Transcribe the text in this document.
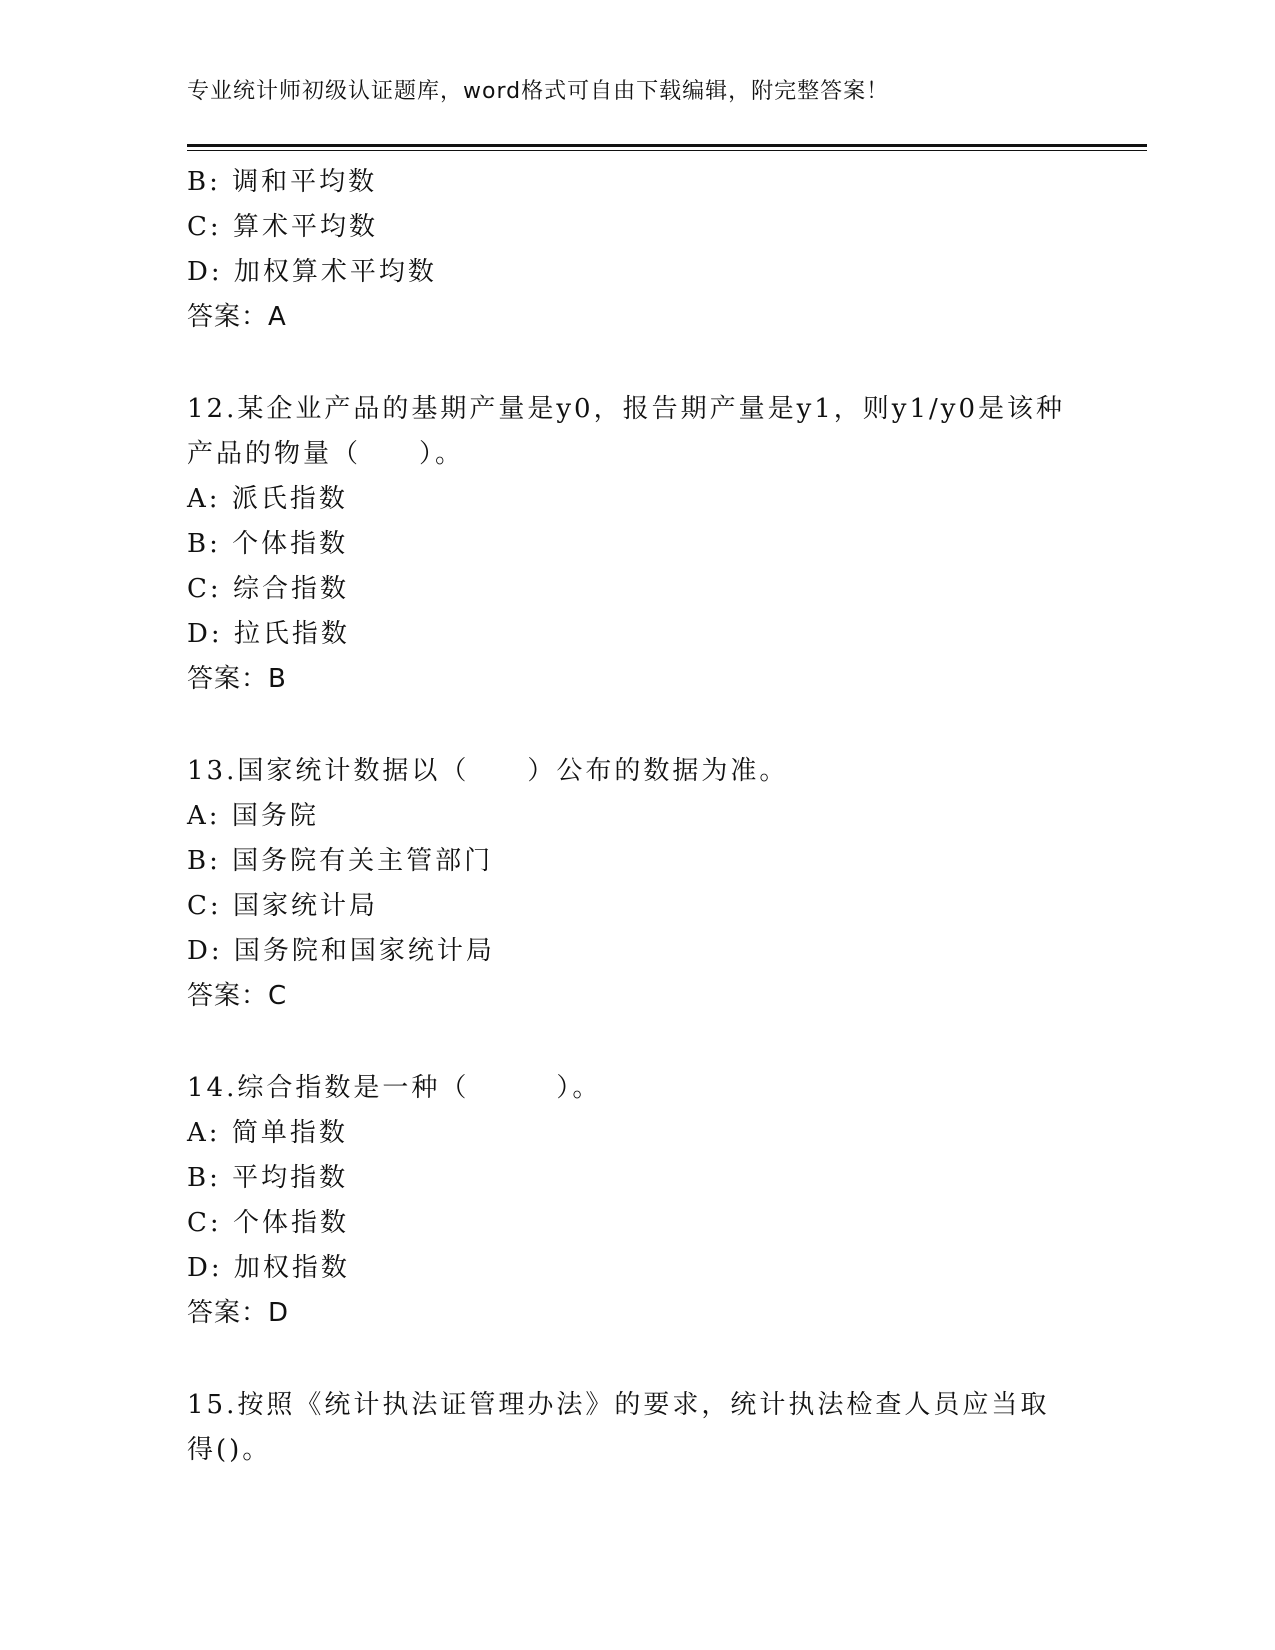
专业统计师初级认证题库，word格式可自由下载编辑，附完整答案！
B: 调和平均数
C: 算术平均数
D: 加权算术平均数
答案：A
12.某企业产品的基期产量是y0，报告期产量是y1，则y1/y0是该种产品的物量（　　）。
A: 派氏指数
B: 个体指数
C: 综合指数
D: 拉氏指数
答案：B
13.国家统计数据以（　　）公布的数据为准。
A: 国务院
B: 国务院有关主管部门
C: 国家统计局
D: 国务院和国家统计局
答案：C
14.综合指数是一种（　　　）。
A: 简单指数
B: 平均指数
C: 个体指数
D: 加权指数
答案：D
15.按照《统计执法证管理办法》的要求，统计执法检查人员应当取得()。
